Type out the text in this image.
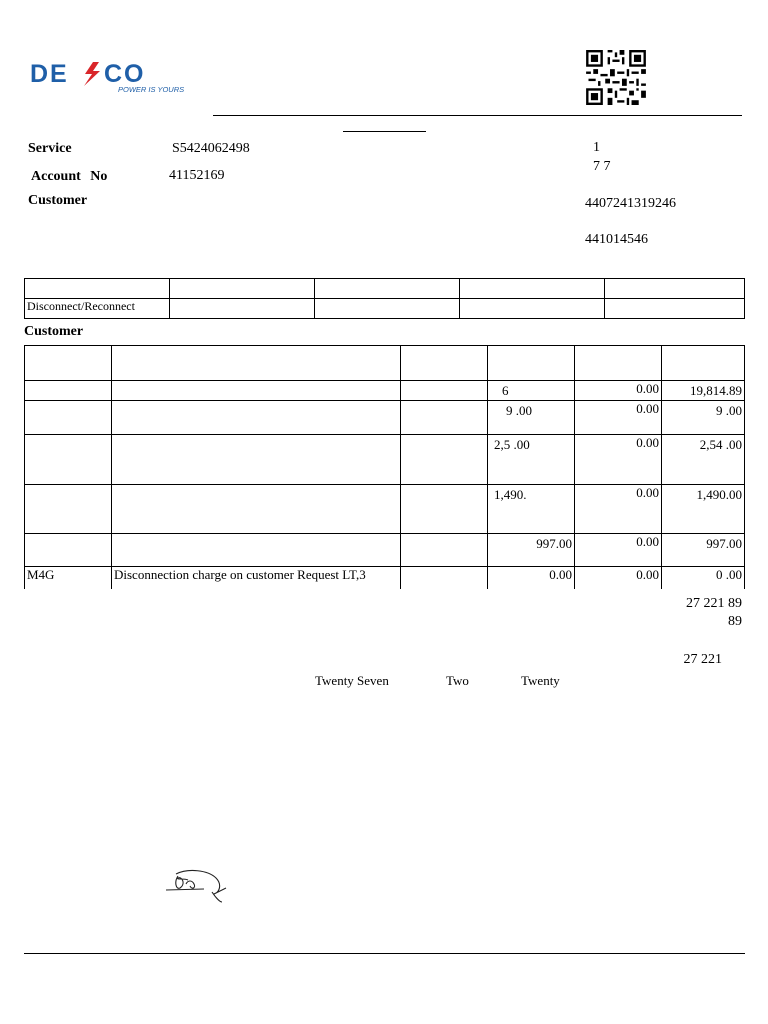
DE CO
POWER IS YOURS
Service	S5424062498
Account No	41152169
Customer
1
7 7
4407241319246
441014546

Disconnect/Reconnect				
Customer

			6	0.00	19,814.89
			9 .00	0.00	9 .00
			2,5 .00	0.00	2,54 .00
			1,490.	0.00	1,490.00
			997.00	0.00	997.00
M4G	Disconnection charge on customer Request LT,3		0.00	0.00	0 .00
27 221 89
89
27 221
Twenty Seven	Two	Twenty
